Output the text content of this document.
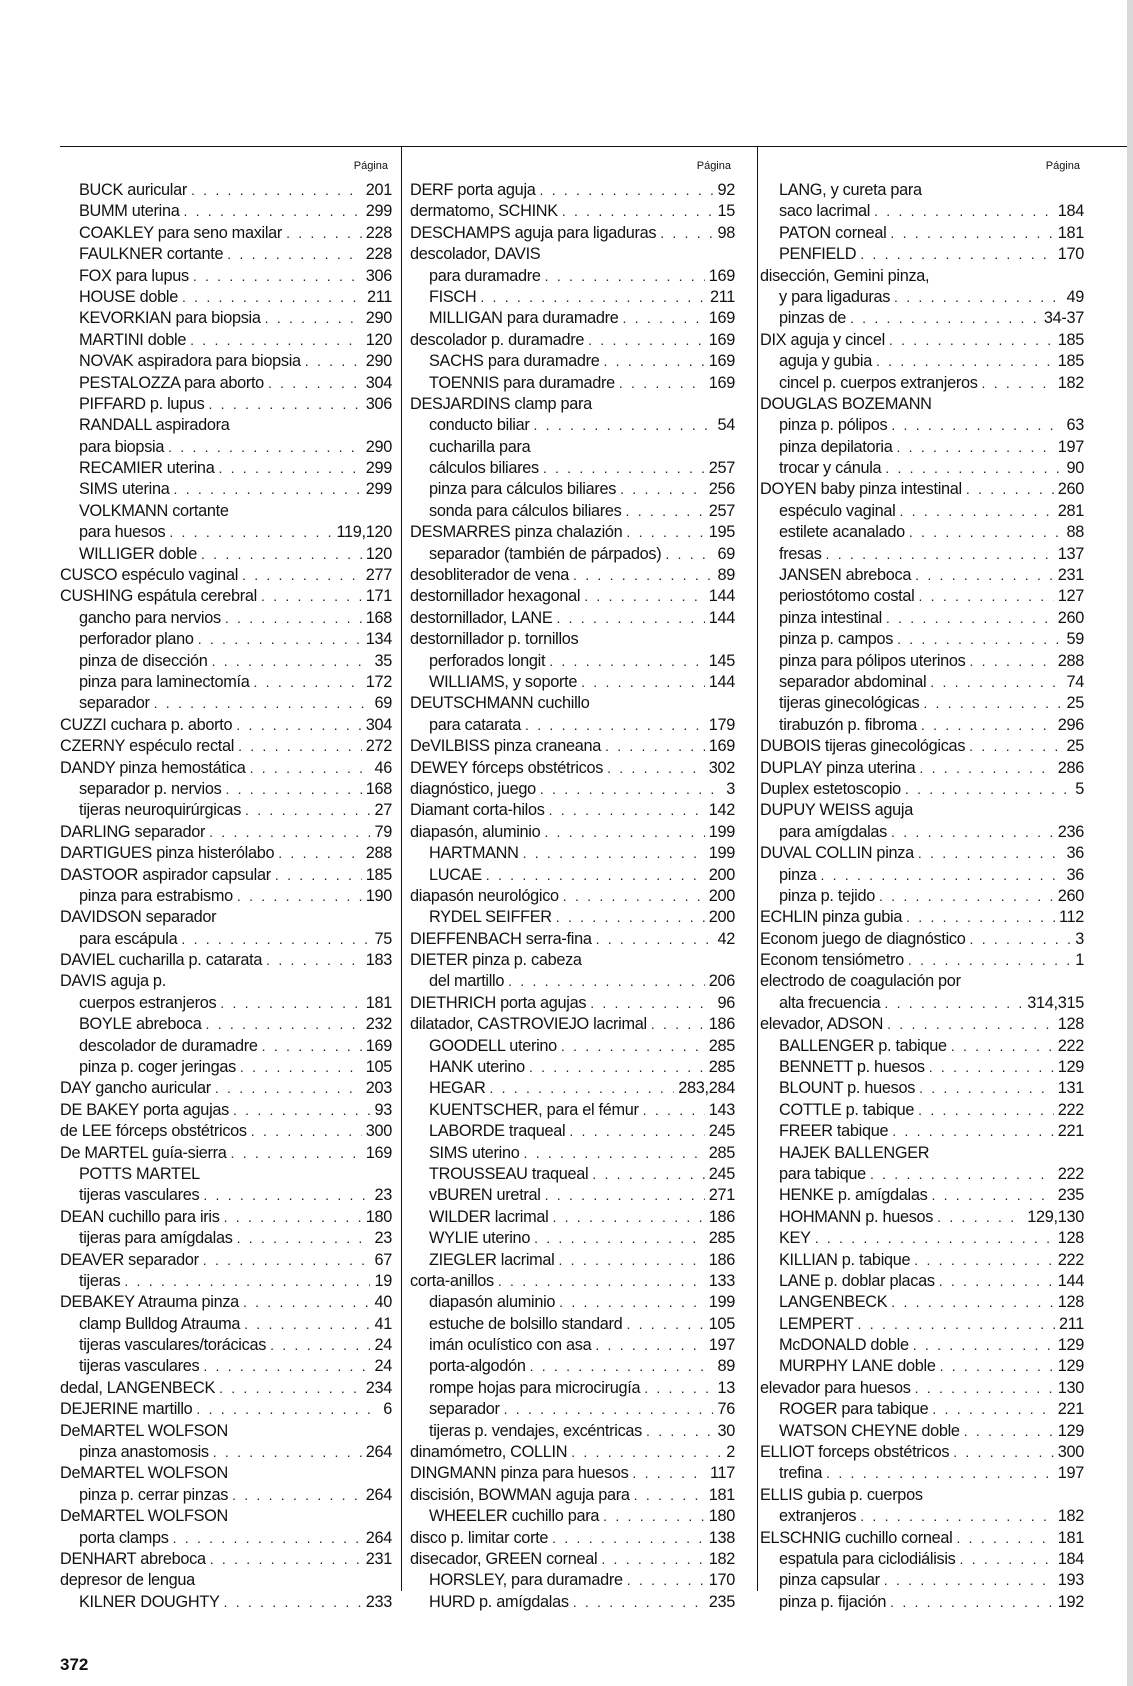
Página
BUCK auricular . . .	201
BUMM uterina . . .	299
COAKLEY para seno maxilar . . .	228
FAULKNER cortante . . .	228
FOX para lupus . . .	306
HOUSE doble . . .	211
KEVORKIAN para biopsia . . .	290
MARTINI doble . . .	120
NOVAK aspiradora para biopsia . . .	290
PESTALOZZA para aborto . . .	304
PIFFARD p. lupus . . .	306
RANDALL aspiradora
para biopsia . . .	290
RECAMIER uterina . . .	299
SIMS uterina . . .	299
VOLKMANN cortante
para huesos . . .	119,120
WILLIGER doble . . .	120
CUSCO espéculo vaginal . . .	277
CUSHING espátula cerebral . . .	171
gancho para nervios . . .	168
perforador plano . . .	134
pinza de disección . . .	35
pinza para laminectomía . . .	172
separador . . .	69
CUZZI cuchara p. aborto . . .	304
CZERNY espéculo rectal . . .	272
DANDY pinza hemostática . . .	46
separador p. nervios . . .	168
tijeras neuroquirúrgicas . . .	27
DARLING separador . . .	79
DARTIGUES pinza histerólabo . . .	288
DASTOOR aspirador capsular . . .	185
pinza para estrabismo . . .	190
DAVIDSON separador
para escápula . . .	75
DAVIEL cucharilla p. catarata . . .	183
DAVIS aguja p.
cuerpos estranjeros . . .	181
BOYLE abreboca . . .	232
descolador de duramadre . . .	169
pinza p. coger jeringas . . .	105
DAY gancho auricular . . .	203
DE BAKEY porta agujas . . .	93
de LEE fórceps obstétricos . . .	300
De MARTEL guía-sierra . . .	169
POTTS MARTEL
tijeras vasculares . . .	23
DEAN cuchillo para iris . . .	180
tijeras para amígdalas . . .	23
DEAVER separador . . .	67
tijeras . . .	19
DEBAKEY Atrauma pinza . . .	40
clamp Bulldog Atrauma . . .	41
tijeras vasculares/torácicas . . .	24
tijeras vasculares . . .	24
dedal, LANGENBECK . . .	234
DEJERINE martillo . . .	6
DeMARTEL WOLFSON
pinza anastomosis . . .	264
DeMARTEL WOLFSON
pinza p. cerrar pinzas . . .	264
DeMARTEL WOLFSON
porta clamps . . .	264
DENHART abreboca . . .	231
depresor de lengua
KILNER DOUGHTY . . .	233
Página
DERF porta aguja . . .	92
dermatomo, SCHINK . . .	15
DESCHAMPS aguja para ligaduras . . .	98
descolador, DAVIS
para duramadre . . .	169
FISCH . . .	211
MILLIGAN para duramadre . . .	169
descolador p. duramadre . . .	169
SACHS para duramadre . . .	169
TOENNIS para duramadre . . .	169
DESJARDINS clamp para
conducto biliar . . .	54
cucharilla para
cálculos biliares . . .	257
pinza para cálculos biliares . . .	256
sonda para cálculos biliares . . .	257
DESMARRES pinza chalazión . . .	195
separador (también de párpados) . . .	69
desobliterador de vena . . .	89
destornillador hexagonal . . .	144
destornillador, LANE . . .	144
destornillador p. tornillos
perforados longit . . .	145
WILLIAMS, y soporte . . .	144
DEUTSCHMANN cuchillo
para catarata . . .	179
DeVILBISS pinza craneana . . .	169
DEWEY fórceps obstétricos . . .	302
diagnóstico, juego . . .	3
Diamant corta-hilos . . .	142
diapasón, aluminio . . .	199
HARTMANN . . .	199
LUCAE . . .	200
diapasón neurológico . . .	200
RYDEL SEIFFER . . .	200
DIEFFENBACH serra-fina . . .	42
DIETER pinza p. cabeza
del martillo . . .	206
DIETHRICH porta agujas . . .	96
dilatador, CASTROVIEJO lacrimal . . .	186
GOODELL uterino . . .	285
HANK uterino . . .	285
HEGAR . . .	283,284
KUENTSCHER, para el fémur . . .	143
LABORDE traqueal . . .	245
SIMS uterino . . .	285
TROUSSEAU traqueal . . .	245
vBUREN uretral . . .	271
WILDER lacrimal . . .	186
WYLIE uterino . . .	285
ZIEGLER lacrimal . . .	186
corta-anillos . . .	133
diapasón aluminio . . .	199
estuche de bolsillo standard . . .	105
imán oculístico con asa . . .	197
porta-algodón . . .	89
rompe hojas para microcirugía . . .	13
separador . . .	76
tijeras p. vendajes, excéntricas . . .	30
dinamómetro, COLLIN . . .	2
DINGMANN pinza para huesos . . .	117
discisión, BOWMAN aguja para . . .	181
WHEELER cuchillo para . . .	180
disco p. limitar corte . . .	138
disecador, GREEN corneal . . .	182
HORSLEY, para duramadre . . .	170
HURD p. amígdalas . . .	235
Página
LANG, y cureta para
saco lacrimal . . .	184
PATON corneal . . .	181
PENFIELD . . .	170
disección, Gemini pinza,
y para ligaduras . . .	49
pinzas de . . .	34-37
DIX aguja y cincel . . .	185
aguja y gubia . . .	185
cincel p. cuerpos extranjeros . . .	182
DOUGLAS BOZEMANN
pinza p. pólipos . . .	63
pinza depilatoria . . .	197
trocar y cánula . . .	90
DOYEN baby pinza intestinal . . .	260
espéculo vaginal . . .	281
estilete acanalado . . .	88
fresas . . .	137
JANSEN abreboca . . .	231
periostótomo costal . . .	127
pinza intestinal . . .	260
pinza p. campos . . .	59
pinza para pólipos uterinos . . .	288
separador abdominal . . .	74
tijeras ginecológicas . . .	25
tirabuzón p. fibroma . . .	296
DUBOIS tijeras ginecológicas . . .	25
DUPLAY pinza uterina . . .	286
Duplex estetoscopio . . .	5
DUPUY WEISS aguja
para amígdalas . . .	236
DUVAL COLLIN pinza . . .	36
pinza . . .	36
pinza p. tejido . . .	260
ECHLIN pinza gubia . . .	112
Econom juego de diagnóstico . . .	3
Econom tensiómetro . . .	1
electrodo de coagulación por
alta frecuencia . . .	314,315
elevador, ADSON . . .	128
BALLENGER p. tabique . . .	222
BENNETT p. huesos . . .	129
BLOUNT p. huesos . . .	131
COTTLE p. tabique . . .	222
FREER tabique . . .	221
HAJEK BALLENGER
para tabique . . .	222
HENKE p. amígdalas . . .	235
HOHMANN p. huesos . . .	129,130
KEY . . .	128
KILLIAN p. tabique . . .	222
LANE p. doblar placas . . .	144
LANGENBECK . . .	128
LEMPERT . . .	211
McDONALD doble . . .	129
MURPHY LANE doble . . .	129
elevador para huesos . . .	130
ROGER para tabique . . .	221
WATSON CHEYNE doble . . .	129
ELLIOT forceps obstétricos . . .	300
trefina . . .	197
ELLIS gubia p. cuerpos
extranjeros . . .	182
ELSCHNIG cuchillo corneal . . .	181
espatula para ciclodiálisis . . .	184
pinza capsular . . .	193
pinza p. fijación . . .	192
372
